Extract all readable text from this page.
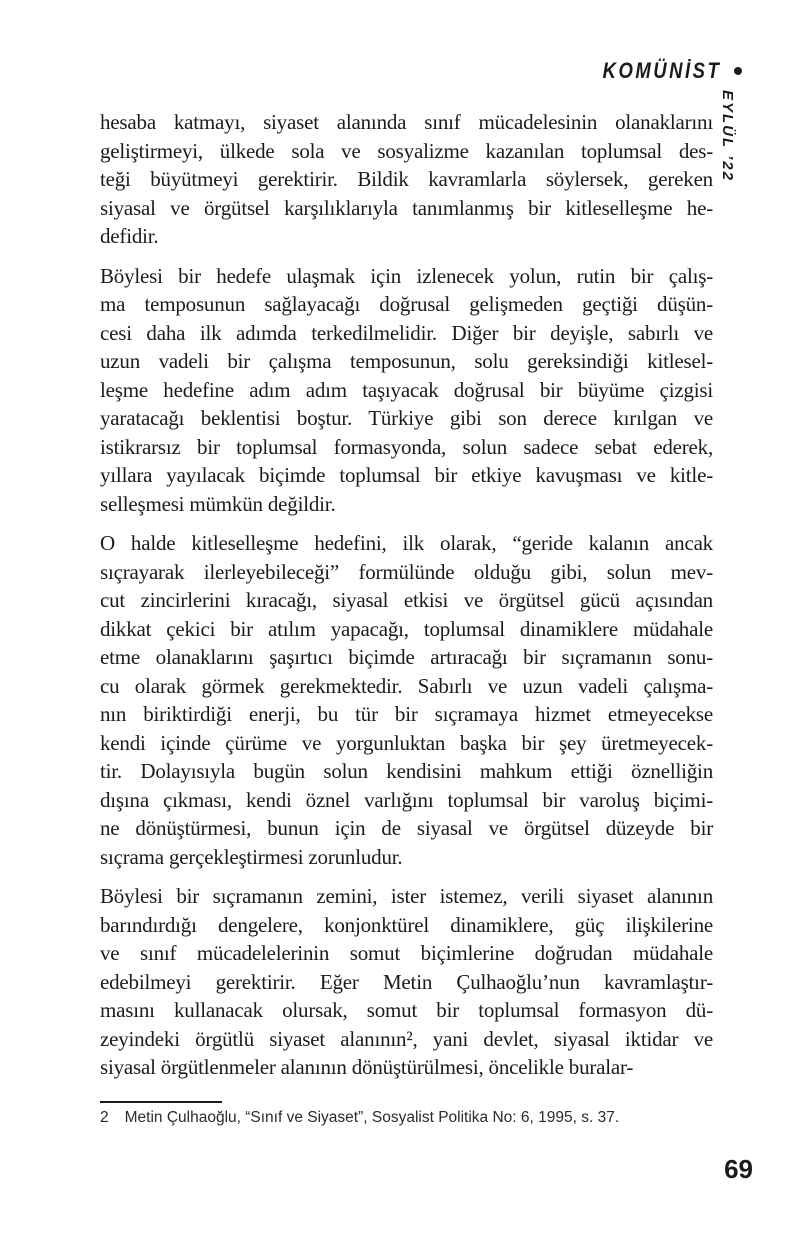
KOMÜNİST
EYLÜL ’22

hesaba katmayı, siyaset alanında sınıf mücadelesinin olanaklarını
geliştirmeyi, ülkede sola ve sosyalizme kazanılan toplumsal des-
teği büyütmeyi gerektirir. Bildik kavramlarla söylersek, gereken
siyasal ve örgütsel karşılıklarıyla tanımlanmış bir kitleselleşme he-
defidir.

Böylesi bir hedefe ulaşmak için izlenecek yolun, rutin bir çalış-
ma temposunun sağlayacağı doğrusal gelişmeden geçtiği düşün-
cesi daha ilk adımda terkedilmelidir. Diğer bir deyişle, sabırlı ve
uzun vadeli bir çalışma temposunun, solu gereksindiği kitlesel-
leşme hedefine adım adım taşıyacak doğrusal bir büyüme çizgisi
yaratacağı beklentisi boştur. Türkiye gibi son derece kırılgan ve
istikrarsız bir toplumsal formasyonda, solun sadece sebat ederek,
yıllara yayılacak biçimde toplumsal bir etkiye kavuşması ve kitle-
selleşmesi mümkün değildir.

O halde kitleselleşme hedefini, ilk olarak, “geride kalanın ancak
sıçrayarak ilerleyebileceği” formülünde olduğu gibi, solun mev-
cut zincirlerini kıracağı, siyasal etkisi ve örgütsel gücü açısından
dikkat çekici bir atılım yapacağı, toplumsal dinamiklere müdahale
etme olanaklarını şaşırtıcı biçimde artıracağı bir sıçramanın sonu-
cu olarak görmek gerekmektedir. Sabırlı ve uzun vadeli çalışma-
nın biriktirdiği enerji, bu tür bir sıçramaya hizmet etmeyecekse
kendi içinde çürüme ve yorgunluktan başka bir şey üretmeyecek-
tir. Dolayısıyla bugün solun kendisini mahkum ettiği öznelliğin
dışına çıkması, kendi öznel varlığını toplumsal bir varoluş biçimi-
ne dönüştürmesi, bunun için de siyasal ve örgütsel düzeyde bir
sıçrama gerçekleştirmesi zorunludur.

Böylesi bir sıçramanın zemini, ister istemez, verili siyaset alanının
barındırdığı dengelere, konjonktürel dinamiklere, güç ilişkilerine
ve sınıf mücadelelerinin somut biçimlerine doğrudan müdahale
edebilmeyi gerektirir. Eğer Metin Çulhaoğlu’nun kavramlaştır-
masını kullanacak olursak, somut bir toplumsal formasyon dü-
zeyindeki örgütlü siyaset alanının², yani devlet, siyasal iktidar ve
siyasal örgütlenmeler alanının dönüştürülmesi, öncelikle buralar-

2 Metin Çulhaoğlu, “Sınıf ve Siyaset”, Sosyalist Politika No: 6, 1995, s. 37.
69
